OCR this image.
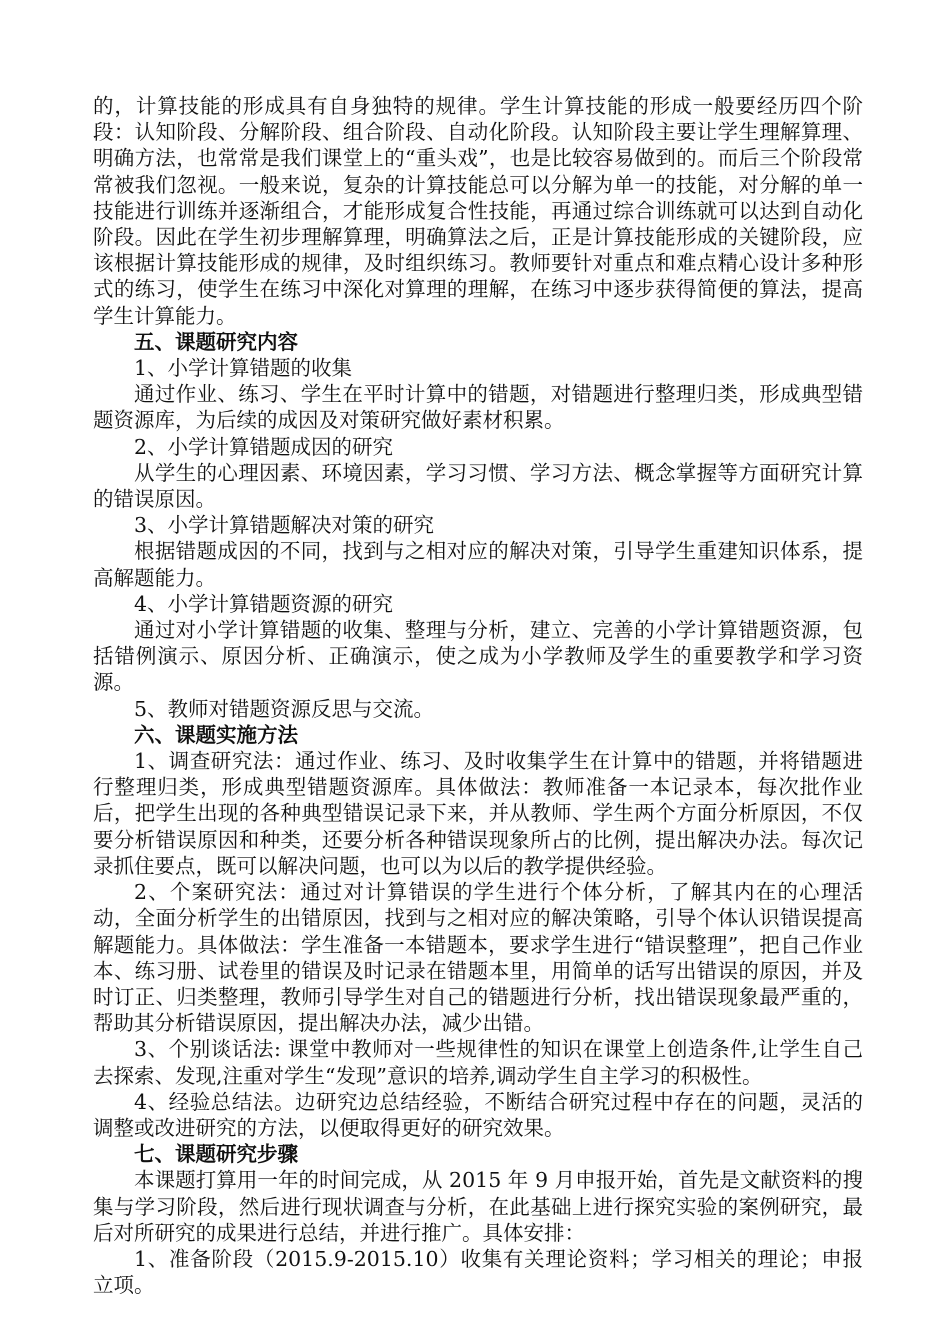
的，计算技能的形成具有自身独特的规律。学生计算技能的形成一般要经历四个阶段：认知阶段、分解阶段、组合阶段、自动化阶段。认知阶段主要让学生理解算理、明确方法，也常常是我们课堂上的“重头戏”，也是比较容易做到的。而后三个阶段常常被我们忽视。一般来说，复杂的计算技能总可以分解为单一的技能，对分解的单一技能进行训练并逐渐组合，才能形成复合性技能，再通过综合训练就可以达到自动化阶段。因此在学生初步理解算理，明确算法之后，正是计算技能形成的关键阶段，应该根据计算技能形成的规律，及时组织练习。教师要针对重点和难点精心设计多种形式的练习，使学生在练习中深化对算理的理解，在练习中逐步获得简便的算法，提高学生计算能力。

五、课题研究内容

1、小学计算错题的收集

通过作业、练习、学生在平时计算中的错题，对错题进行整理归类，形成典型错题资源库，为后续的成因及对策研究做好素材积累。

2、小学计算错题成因的研究

从学生的心理因素、环境因素，学习习惯、学习方法、概念掌握等方面研究计算的错误原因。

3、小学计算错题解决对策的研究

根据错题成因的不同，找到与之相对应的解决对策，引导学生重建知识体系，提高解题能力。

4、小学计算错题资源的研究

通过对小学计算错题的收集、整理与分析，建立、完善的小学计算错题资源，包括错例演示、原因分析、正确演示，使之成为小学教师及学生的重要教学和学习资源。

5、教师对错题资源反思与交流。

六、课题实施方法

1、调查研究法：通过作业、练习、及时收集学生在计算中的错题，并将错题进行整理归类，形成典型错题资源库。具体做法：教师准备一本记录本，每次批作业后，把学生出现的各种典型错误记录下来，并从教师、学生两个方面分析原因，不仅要分析错误原因和种类，还要分析各种错误现象所占的比例，提出解决办法。每次记录抓住要点，既可以解决问题，也可以为以后的教学提供经验。

2、个案研究法：通过对计算错误的学生进行个体分析，了解其内在的心理活动，全面分析学生的出错原因，找到与之相对应的解决策略，引导个体认识错误提高解题能力。具体做法：学生准备一本错题本，要求学生进行“错误整理”，把自己作业本、练习册、试卷里的错误及时记录在错题本里，用简单的话写出错误的原因，并及时订正、归类整理，教师引导学生对自己的错题进行分析，找出错误现象最严重的，帮助其分析错误原因，提出解决办法，减少出错。

3、个别谈话法: 课堂中教师对一些规律性的知识在课堂上创造条件,让学生自己去探索、发现,注重对学生“发现”意识的培养,调动学生自主学习的积极性。

4、经验总结法。边研究边总结经验，不断结合研究过程中存在的问题，灵活的调整或改进研究的方法，以便取得更好的研究效果。

七、课题研究步骤

本课题打算用一年的时间完成，从 2015 年 9 月申报开始，首先是文献资料的搜集与学习阶段，然后进行现状调查与分析，在此基础上进行探究实验的案例研究，最后对所研究的成果进行总结，并进行推广。具体安排：

1、准备阶段（2015.9-2015.10）收集有关理论资料；学习相关的理论；申报立项。
